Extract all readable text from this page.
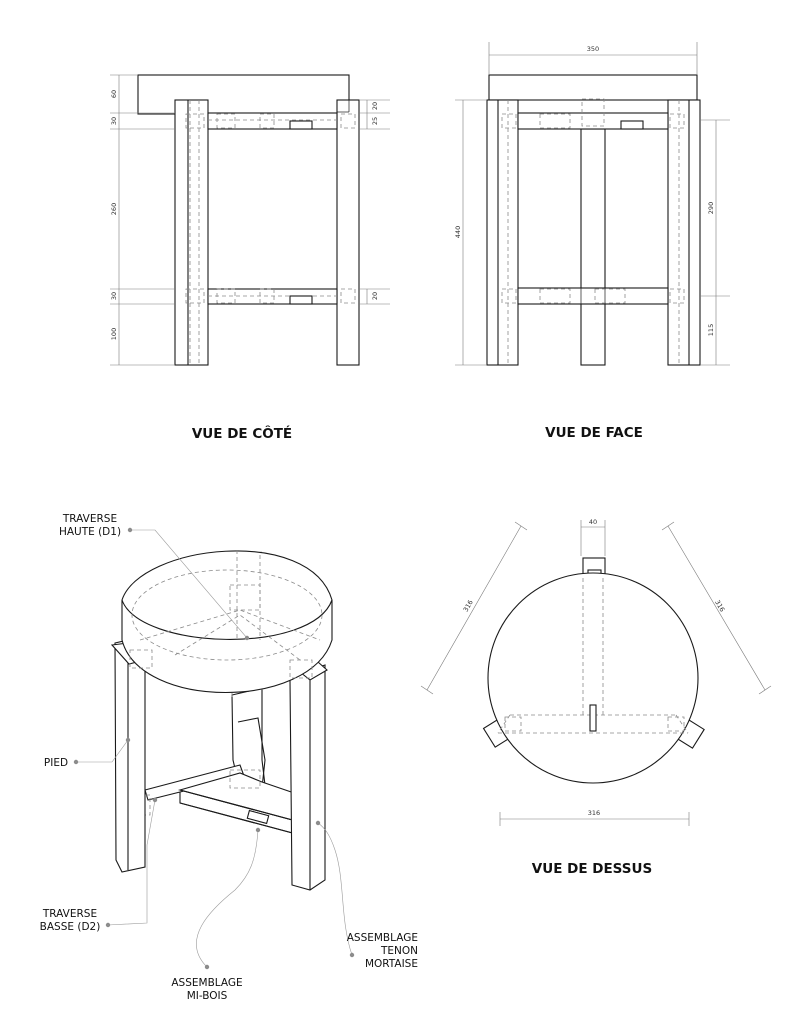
60
30
260
30
100
20
25
20
350
440
290
115
VUE DE CÔTÉ	VUE DE FACE
TRAVERSE
HAUTE (D1)
PIED
TRAVERSE
BASSE (D2)
ASSEMBLAGE
MI-BOIS
ASSEMBLAGE
TENON
MORTAISE
40
316	316
316
VUE DE DESSUS
